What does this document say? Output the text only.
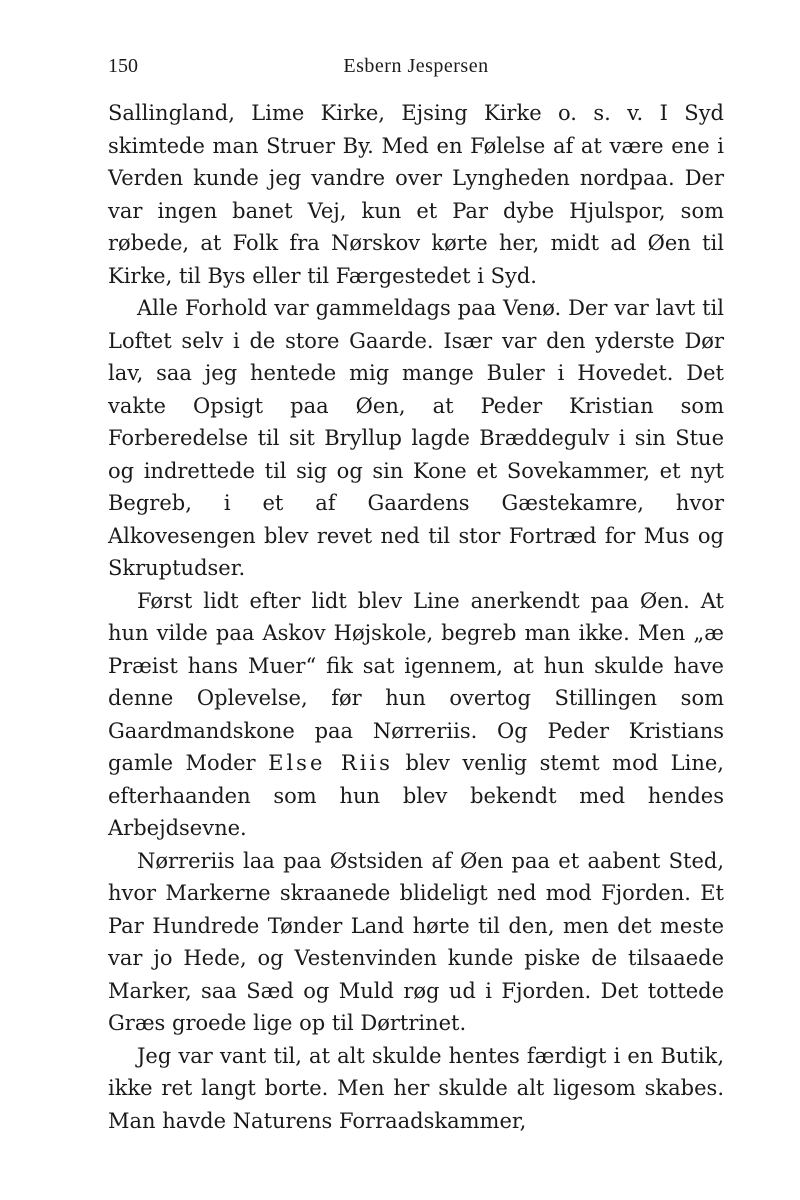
150	Esbern Jespersen

Sallingland, Lime Kirke, Ejsing Kirke o. s. v. I Syd skimtede man Struer By. Med en Følelse af at være ene i Verden kunde jeg vandre over Lyngheden nordpaa. Der var ingen banet Vej, kun et Par dybe Hjulspor, som røbede, at Folk fra Nørskov kørte her, midt ad Øen til Kirke, til Bys eller til Færgestedet i Syd.

Alle Forhold var gammeldags paa Venø. Der var lavt til Loftet selv i de store Gaarde. Især var den yderste Dør lav, saa jeg hentede mig mange Buler i Hovedet. Det vakte Opsigt paa Øen, at Peder Kristian som Forberedelse til sit Bryllup lagde Bræddegulv i sin Stue og indrettede til sig og sin Kone et Sovekammer, et nyt Begreb, i et af Gaardens Gæstekamre, hvor Alkovesengen blev revet ned til stor Fortræd for Mus og Skruptudser.

Først lidt efter lidt blev Line anerkendt paa Øen. At hun vilde paa Askov Højskole, begreb man ikke. Men „æ Præist hans Muer“ fik sat igennem, at hun skulde have denne Oplevelse, før hun overtog Stillingen som Gaardmandskone paa Nørreriis. Og Peder Kristians gamle Moder Else Riis blev venlig stemt mod Line, efterhaanden som hun blev bekendt med hendes Arbejdsevne.

Nørreriis laa paa Østsiden af Øen paa et aabent Sted, hvor Markerne skraanede blideligt ned mod Fjorden. Et Par Hundrede Tønder Land hørte til den, men det meste var jo Hede, og Vestenvinden kunde piske de tilsaaede Marker, saa Sæd og Muld røg ud i Fjorden. Det tottede Græs groede lige op til Dørtrinet.

Jeg var vant til, at alt skulde hentes færdigt i en Butik, ikke ret langt borte. Men her skulde alt ligesom skabes. Man havde Naturens Forraadskammer,
